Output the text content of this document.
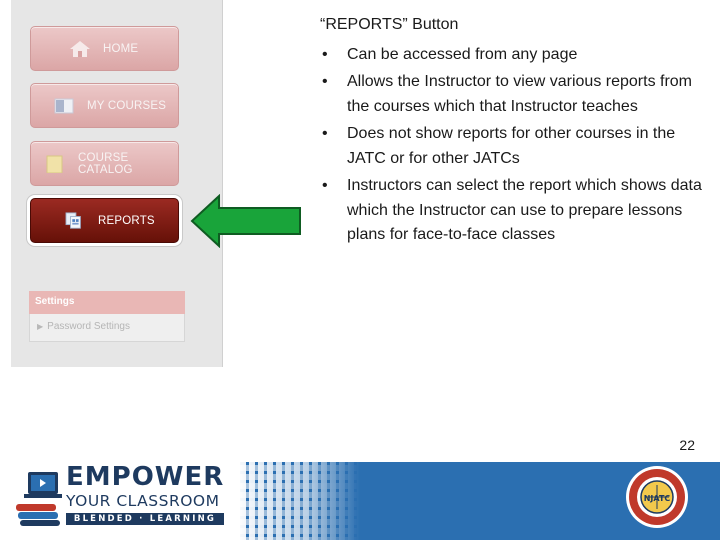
HOME
MY COURSES
COURSE CATALOG
REPORTS
Settings
▶ Password Settings
“REPORTS” Button
• Can be accessed from any page
• Allows the Instructor to view various reports from the courses which that Instructor teaches
• Does not show reports for other courses in the JATC or for other JATCs
• Instructors can select the report which shows data which the Instructor can use to prepare lessons plans for face-to-face classes
22
EMPOWER
YOUR CLASSROOM
BLENDED · LEARNING
NJATC
